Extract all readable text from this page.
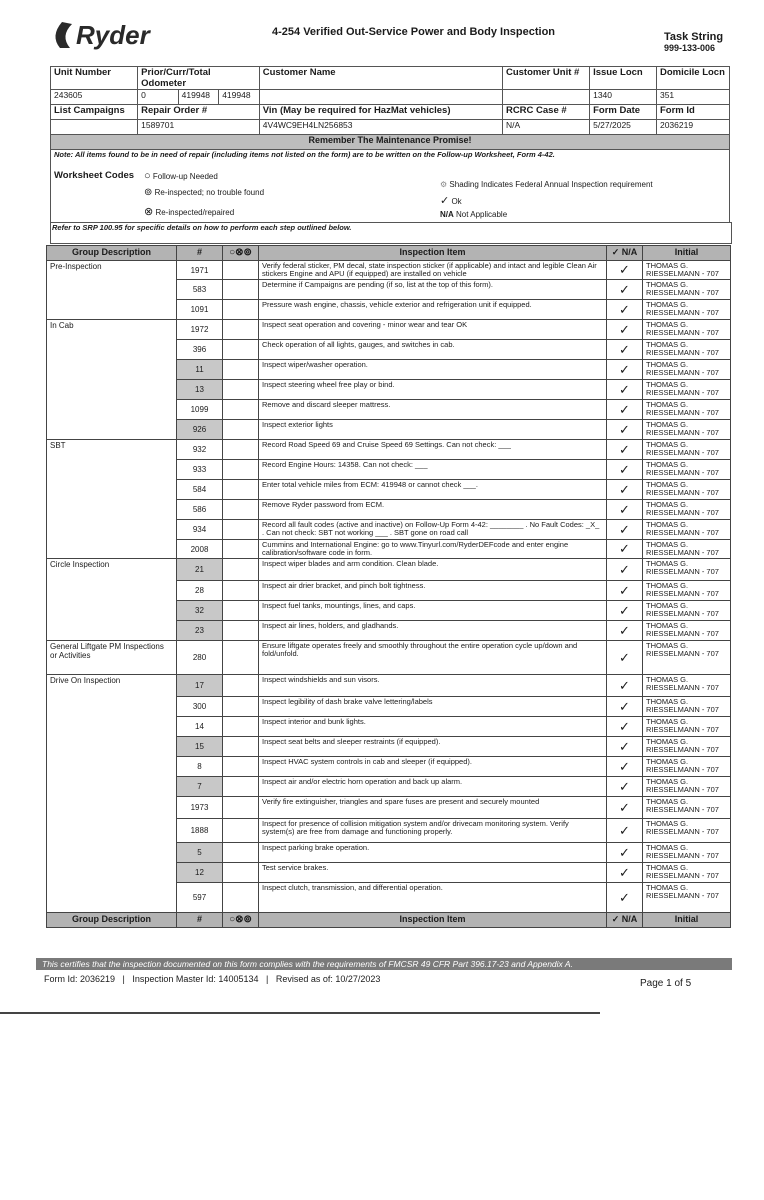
Ryder	4-254 Verified Out-Service Power and Body Inspection	Task String
999-133-006
Unit Number	Prior/Curr/Total Odometer			Customer Name	Customer Unit #	Issue Locn	Domicile Locn
243605	0	419948	419948			1340	351
List Campaigns	Repair Order #			Vin (May be required for HazMat vehicles)	RCRC Case #	Form Date	Form Id
	1589701			4V4WC9EH4LN256853	N/A	5/27/2025	2036219
Remember The Maintenance Promise!							
Note: All items found to be in need of repair (including items not listed on the form) are to be written on the Follow-up Worksheet, Form 4-42.							
Worksheet Codes ○ Follow-up Needed
⊚ Re-inspected; no trouble found
⊗ Re-inspected/repaired
⚙ Shading Indicates Federal Annual Inspection requirement
✓ Ok
N/A Not Applicable
Refer to SRP 100.95 for specific details on how to perform each step outlined below.
Group Description	#	○⊗⊚	Inspection Item	✓ N/A	Initial
Pre-Inspection	1971		Verify federal sticker, PM decal, state inspection sticker (if applicable) and intact and legible Clean Air stickers Engine and APU (if equipped) are installed on vehicle	✓	THOMAS G.
RIESSELMANN - 707

	583		Determine if Campaigns are pending (if so, list at the top of this form).	✓	THOMAS G.
RIESSELMANN - 707

	1091		Pressure wash engine, chassis, vehicle exterior and refrigeration unit if equipped.	✓	THOMAS G.
RIESSELMANN - 707

In Cab	1972		Inspect seat operation and covering - minor wear and tear OK	✓	THOMAS G.
RIESSELMANN - 707

	396		Check operation of all lights, gauges, and switches in cab.	✓	THOMAS G.
RIESSELMANN - 707

	11		Inspect wiper/washer operation.	✓	THOMAS G.
RIESSELMANN - 707

	13		Inspect steering wheel free play or bind.	✓	THOMAS G.
RIESSELMANN - 707

	1099		Remove and discard sleeper mattress.	✓	THOMAS G.
RIESSELMANN - 707

	926		Inspect exterior lights	✓	THOMAS G.
RIESSELMANN - 707

SBT	932		Record Road Speed 69 and Cruise Speed 69 Settings. Can not check: ___	✓	THOMAS G.
RIESSELMANN - 707

	933		Record Engine Hours: 14358. Can not check: ___	✓	THOMAS G.
RIESSELMANN - 707

	584		Enter total vehicle miles from ECM: 419948 or cannot check ___.	✓	THOMAS G.
RIESSELMANN - 707

	586		Remove Ryder password from ECM.	✓	THOMAS G.
RIESSELMANN - 707

	934		Record all fault codes (active and inactive) on Follow-Up Form 4-42: ________ . No Fault Codes: _X_ . Can not check: SBT not working ___ . SBT gone on road call	✓	THOMAS G.
RIESSELMANN - 707

	2008		Cummins and International Engine: go to www.Tinyurl.com/RyderDEFcode and enter engine calibration/software code in form.	✓	THOMAS G.
RIESSELMANN - 707

Circle Inspection	21		Inspect wiper blades and arm condition. Clean blade.	✓	THOMAS G.
RIESSELMANN - 707

	28		Inspect air drier bracket, and pinch bolt tightness.	✓	THOMAS G.
RIESSELMANN - 707

	32		Inspect fuel tanks, mountings, lines, and caps.	✓	THOMAS G.
RIESSELMANN - 707

	23		Inspect air lines, holders, and gladhands.	✓	THOMAS G.
RIESSELMANN - 707

General Liftgate PM Inspections or Activities	280		Ensure liftgate operates freely and smoothly throughout the entire operation cycle up/down and fold/unfold.	✓	THOMAS G.
RIESSELMANN - 707

Drive On Inspection	17		Inspect windshields and sun visors.	✓	THOMAS G.
RIESSELMANN - 707

	300		Inspect legibility of dash brake valve lettering/labels	✓	THOMAS G.
RIESSELMANN - 707

	14		Inspect interior and bunk lights.	✓	THOMAS G.
RIESSELMANN - 707

	15		Inspect seat belts and sleeper restraints (if equipped).	✓	THOMAS G.
RIESSELMANN - 707

	8		Inspect HVAC system controls in cab and sleeper (if equipped).	✓	THOMAS G.
RIESSELMANN - 707

	7		Inspect air and/or electric horn operation and back up alarm.	✓	THOMAS G.
RIESSELMANN - 707

	1973		Verify fire extinguisher, triangles and spare fuses are present and securely mounted	✓	THOMAS G.
RIESSELMANN - 707

	1888		Inspect for presence of collision mitigation system and/or drivecam monitoring system. Verify system(s) are free from damage and functioning properly.	✓	THOMAS G.
RIESSELMANN - 707

	5		Inspect parking brake operation.	✓	THOMAS G.
RIESSELMANN - 707

	12		Test service brakes.	✓	THOMAS G.
RIESSELMANN - 707

	597		Inspect clutch, transmission, and differential operation.	✓	THOMAS G.
RIESSELMANN - 707

Group Description	#	○⊗⊚	Inspection Item	✓ N/A	Initial
This certifies that the inspection documented on this form complies with the requirements of FMCSR 49 CFR Part 396.17-23 and Appendix A.
Form Id: 2036219   |   Inspection Master Id: 14005134   |   Revised as of: 10/27/2023	Page 1 of 5
